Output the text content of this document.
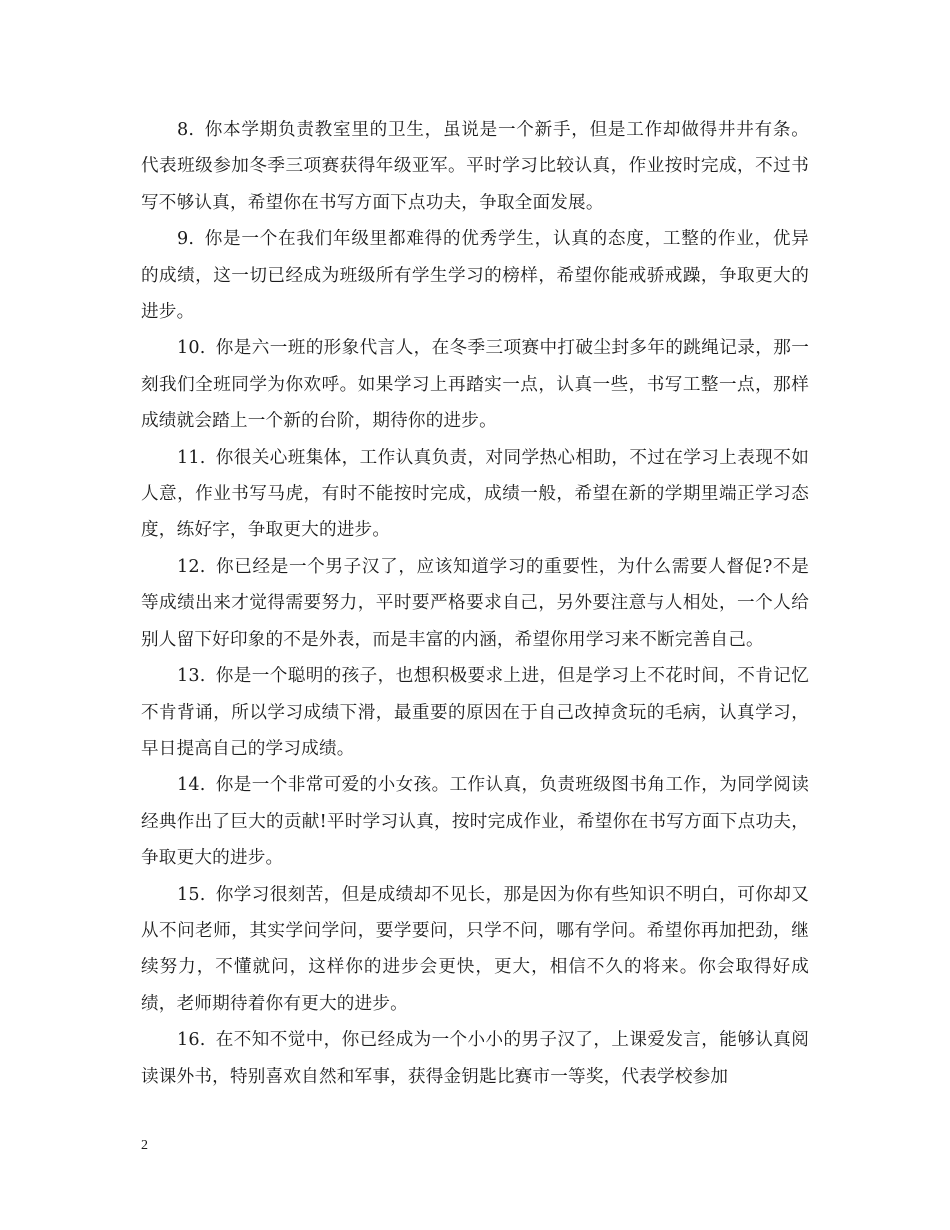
8. 你本学期负责教室里的卫生，虽说是一个新手，但是工作却做得井井有条。代表班级参加冬季三项赛获得年级亚军。平时学习比较认真，作业按时完成，不过书写不够认真，希望你在书写方面下点功夫，争取全面发展。

9. 你是一个在我们年级里都难得的优秀学生，认真的态度，工整的作业，优异的成绩，这一切已经成为班级所有学生学习的榜样，希望你能戒骄戒躁，争取更大的进步。

10. 你是六一班的形象代言人，在冬季三项赛中打破尘封多年的跳绳记录，那一刻我们全班同学为你欢呼。如果学习上再踏实一点，认真一些，书写工整一点，那样成绩就会踏上一个新的台阶，期待你的进步。

11. 你很关心班集体，工作认真负责，对同学热心相助，不过在学习上表现不如人意，作业书写马虎，有时不能按时完成，成绩一般，希望在新的学期里端正学习态度，练好字，争取更大的进步。

12. 你已经是一个男子汉了，应该知道学习的重要性，为什么需要人督促?不是等成绩出来才觉得需要努力，平时要严格要求自己，另外要注意与人相处，一个人给别人留下好印象的不是外表，而是丰富的内涵，希望你用学习来不断完善自己。

13. 你是一个聪明的孩子，也想积极要求上进，但是学习上不花时间，不肯记忆不肯背诵，所以学习成绩下滑，最重要的原因在于自己改掉贪玩的毛病，认真学习，早日提高自己的学习成绩。

14. 你是一个非常可爱的小女孩。工作认真，负责班级图书角工作，为同学阅读经典作出了巨大的贡献!平时学习认真，按时完成作业，希望你在书写方面下点功夫，争取更大的进步。

15. 你学习很刻苦，但是成绩却不见长，那是因为你有些知识不明白，可你却又从不问老师，其实学问学问，要学要问，只学不问，哪有学问。希望你再加把劲，继续努力，不懂就问，这样你的进步会更快，更大，相信不久的将来。你会取得好成绩，老师期待着你有更大的进步。

16. 在不知不觉中，你已经成为一个小小的男子汉了，上课爱发言，能够认真阅读课外书，特别喜欢自然和军事，获得金钥匙比赛市一等奖，代表学校参加

2
